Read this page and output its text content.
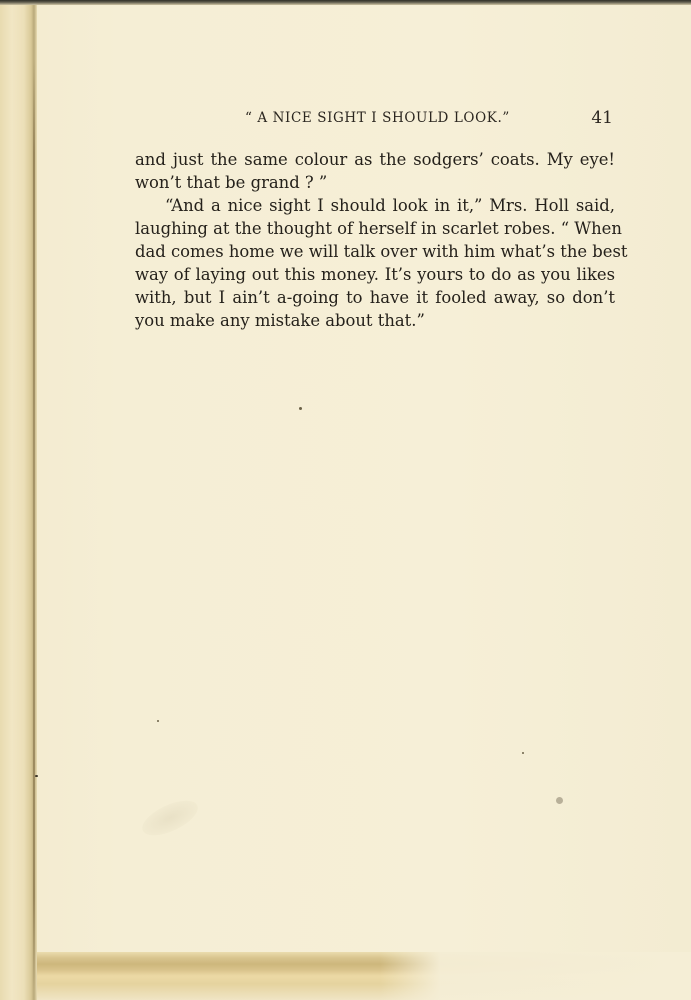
“ A NICE SIGHT I SHOULD LOOK.”	41
and just the same colour as the sodgers’ coats. My eye!
won’t that be grand ? ”
“And a nice sight I should look in it,” Mrs. Holl said,
laughing at the thought of herself in scarlet robes. “ When
dad comes home we will talk over with him what’s the best
way of laying out this money. It’s yours to do as you likes
with, but I ain’t a-going to have it fooled away, so don’t
you make any mistake about that.”
